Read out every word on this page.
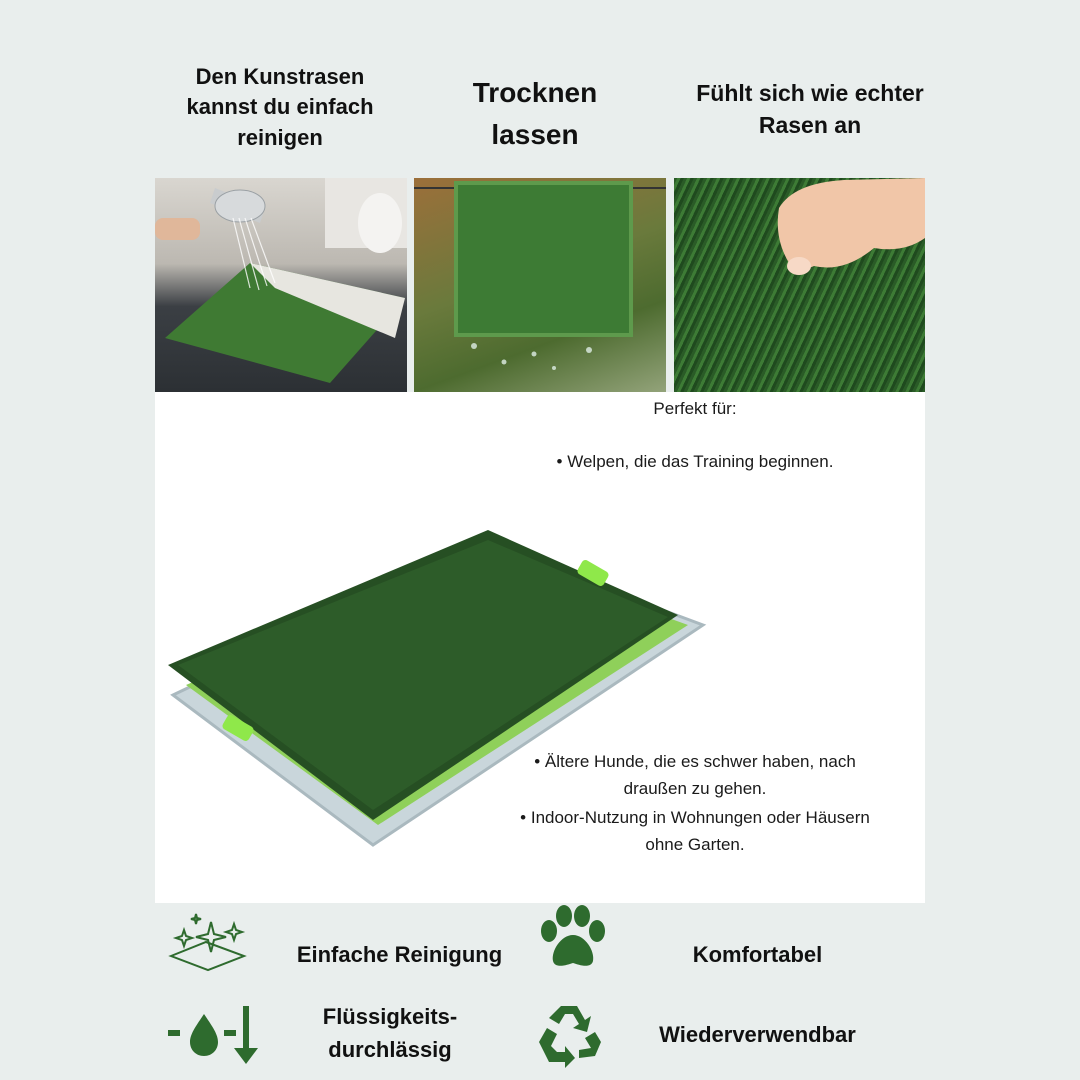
Den Kunstrasen kannst du einfach reinigen
Trocknen lassen
Fühlt sich wie echter Rasen an
Perfekt für:
• Welpen, die das Training beginnen.
• Ältere Hunde, die es schwer haben, nach draußen zu gehen.
• Indoor-Nutzung in Wohnungen oder Häusern ohne Garten.
Einfache Reinigung	Komfortabel
Flüssigkeits-durchlässig
Wiederverwendbar
